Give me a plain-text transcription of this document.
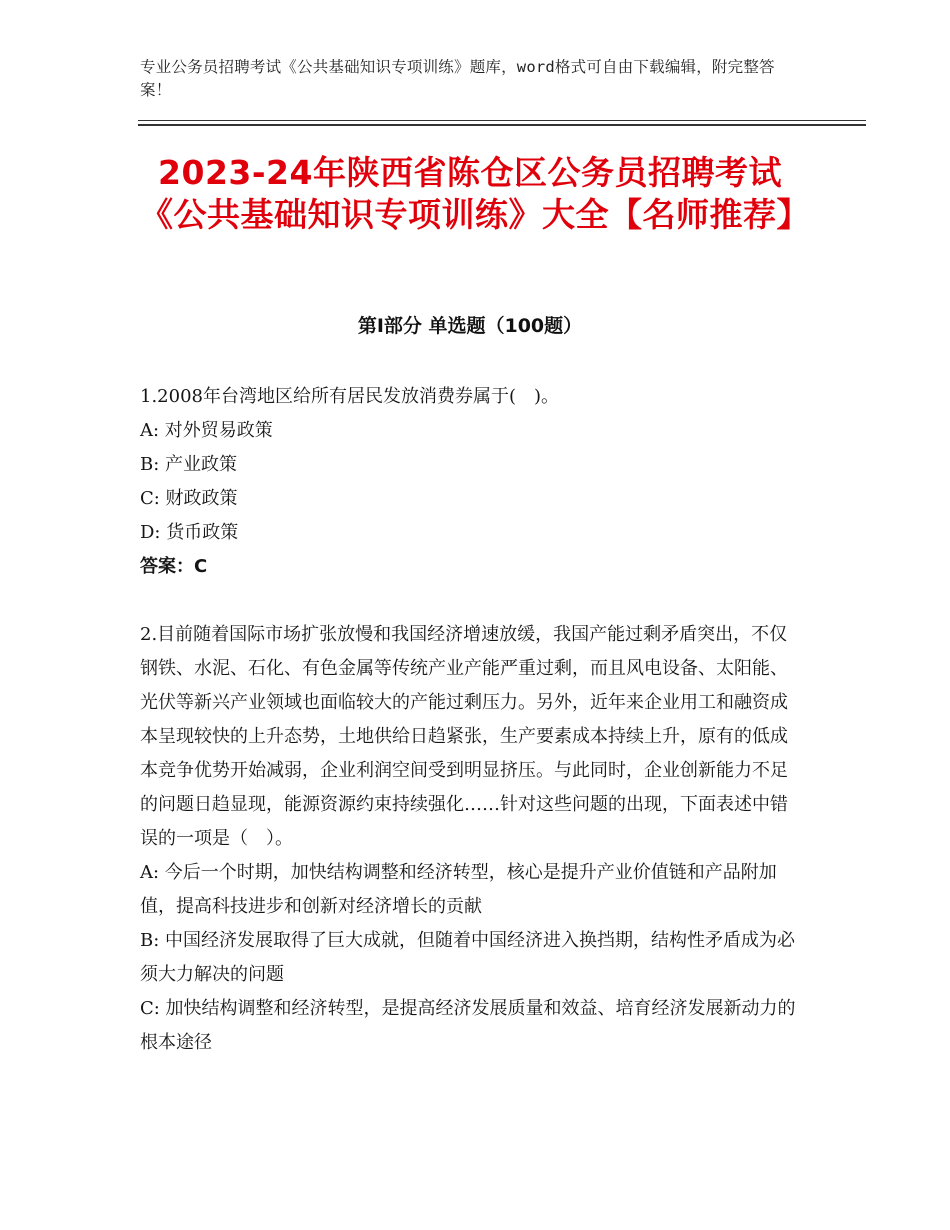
专业公务员招聘考试《公共基础知识专项训练》题库，word格式可自由下载编辑，附完整答案！
2023-24年陕西省陈仓区公务员招聘考试《公共基础知识专项训练》大全【名师推荐】
第Ⅰ部分 单选题（100题）

1.2008年台湾地区给所有居民发放消费券属于(　)。

A: 对外贸易政策

B: 产业政策

C: 财政政策

D: 货币政策

答案：C

2.目前随着国际市场扩张放慢和我国经济增速放缓，我国产能过剩矛盾突出，不仅钢铁、水泥、石化、有色金属等传统产业产能严重过剩，而且风电设备、太阳能、光伏等新兴产业领域也面临较大的产能过剩压力。另外，近年来企业用工和融资成本呈现较快的上升态势，土地供给日趋紧张，生产要素成本持续上升，原有的低成本竞争优势开始减弱，企业利润空间受到明显挤压。与此同时，企业创新能力不足的问题日趋显现，能源资源约束持续强化……针对这些问题的出现，下面表述中错误的一项是（　）。

A: 今后一个时期，加快结构调整和经济转型，核心是提升产业价值链和产品附加值，提高科技进步和创新对经济增长的贡献

B: 中国经济发展取得了巨大成就，但随着中国经济进入换挡期，结构性矛盾成为必须大力解决的问题

C: 加快结构调整和经济转型，是提高经济发展质量和效益、培育经济发展新动力的根本途径
